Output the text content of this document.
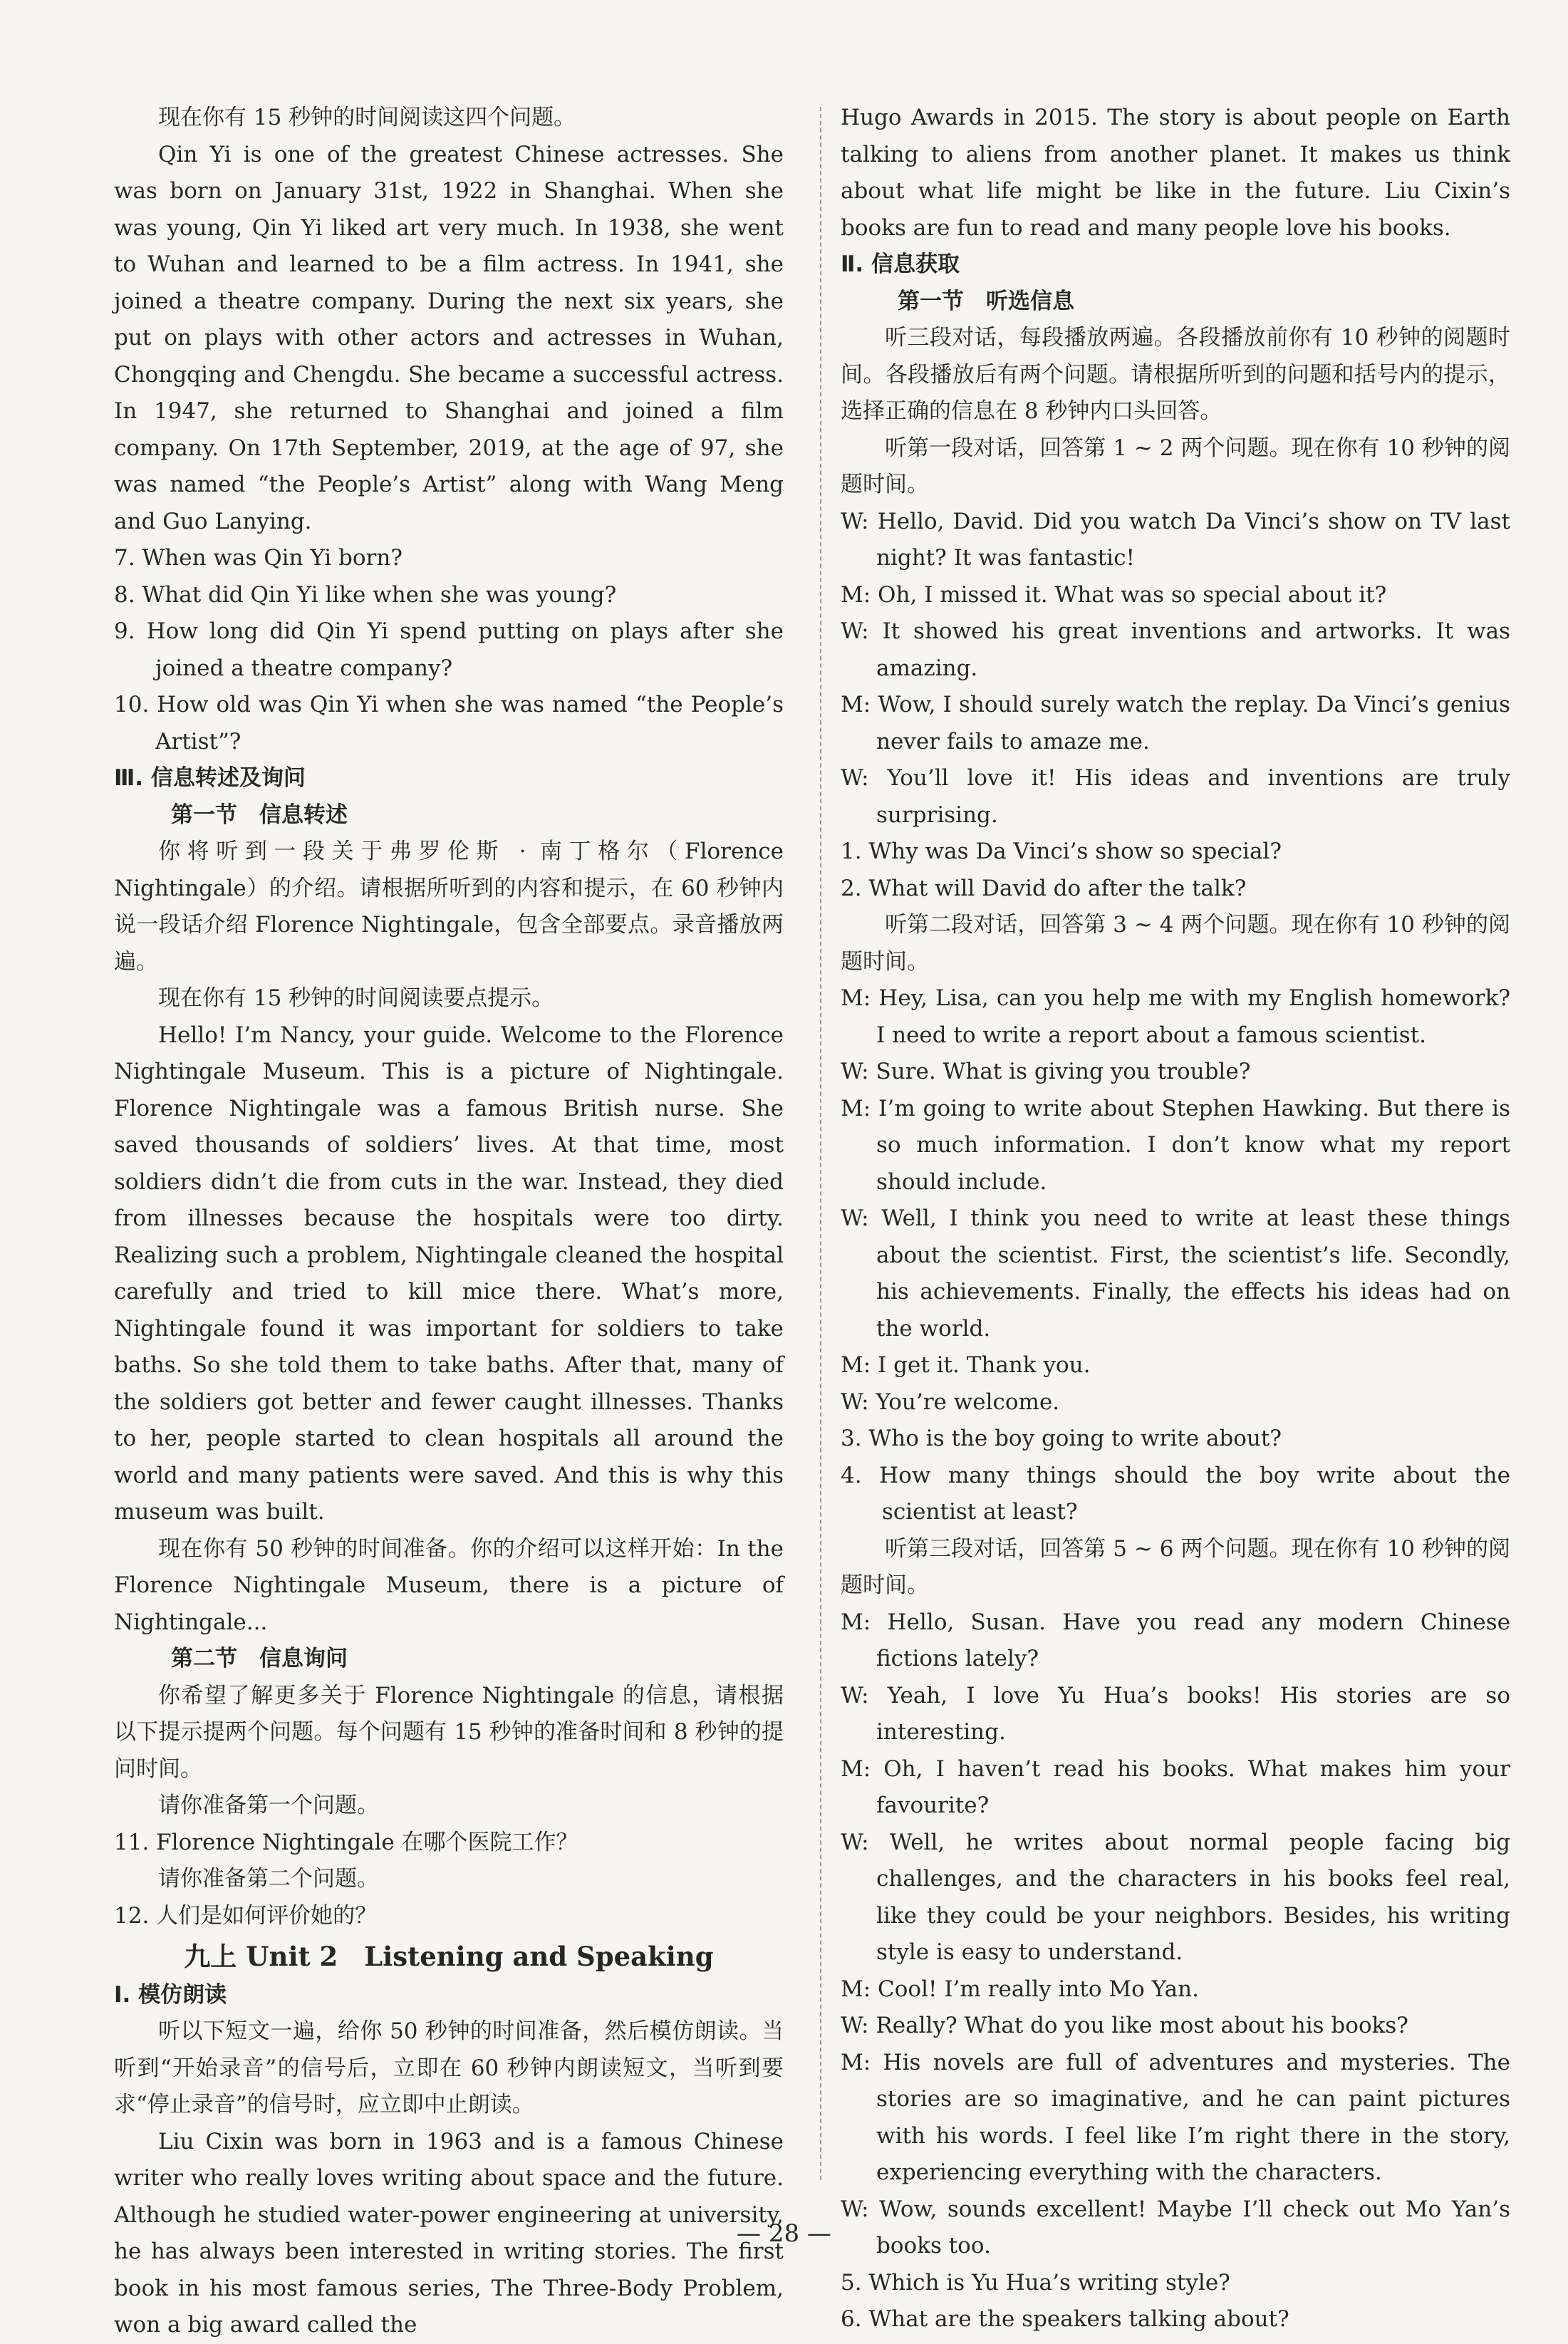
现在你有 15 秒钟的时间阅读这四个问题。

Qin Yi is one of the greatest Chinese actresses. She was born on January 31st, 1922 in Shanghai. When she was young, Qin Yi liked art very much. In 1938, she went to Wuhan and learned to be a film actress. In 1941, she joined a theatre company. During the next six years, she put on plays with other actors and actresses in Wuhan, Chongqing and Chengdu. She became a successful actress. In 1947, she returned to Shanghai and joined a film company. On 17th September, 2019, at the age of 97, she was named “the People’s Artist” along with Wang Meng and Guo Lanying.

7. When was Qin Yi born?

8. What did Qin Yi like when she was young?

9. How long did Qin Yi spend putting on plays after she joined a theatre company?

10. How old was Qin Yi when she was named “the People’s Artist”?

Ⅲ. 信息转述及询问

第一节　信息转述

你将听到一段关于弗罗伦斯 · 南丁格尔（Florence Nightingale）的介绍。请根据所听到的内容和提示，在 60 秒钟内说一段话介绍 Florence Nightingale，包含全部要点。录音播放两遍。

现在你有 15 秒钟的时间阅读要点提示。

Hello! I’m Nancy, your guide. Welcome to the Florence Nightingale Museum. This is a picture of Nightingale. Florence Nightingale was a famous British nurse. She saved thousands of soldiers’ lives. At that time, most soldiers didn’t die from cuts in the war. Instead, they died from illnesses because the hospitals were too dirty. Realizing such a problem, Nightingale cleaned the hospital carefully and tried to kill mice there. What’s more, Nightingale found it was important for soldiers to take baths. So she told them to take baths. After that, many of the soldiers got better and fewer caught illnesses. Thanks to her, people started to clean hospitals all around the world and many patients were saved. And this is why this museum was built.

现在你有 50 秒钟的时间准备。你的介绍可以这样开始：In the Florence Nightingale Museum, there is a picture of Nightingale...

第二节　信息询问

你希望了解更多关于 Florence Nightingale 的信息，请根据以下提示提两个问题。每个问题有 15 秒钟的准备时间和 8 秒钟的提问时间。

请你准备第一个问题。

11. Florence Nightingale 在哪个医院工作？

请你准备第二个问题。

12. 人们是如何评价她的？

九上 Unit 2　Listening and Speaking

Ⅰ. 模仿朗读

听以下短文一遍，给你 50 秒钟的时间准备，然后模仿朗读。当听到“开始录音”的信号后，立即在 60 秒钟内朗读短文，当听到要求“停止录音”的信号时，应立即中止朗读。

Liu Cixin was born in 1963 and is a famous Chinese writer who really loves writing about space and the future. Although he studied water-power engineering at university, he has always been interested in writing stories. The first book in his most famous series, The Three-Body Problem, won a big award called the

Hugo Awards in 2015. The story is about people on Earth talking to aliens from another planet. It makes us think about what life might be like in the future. Liu Cixin’s books are fun to read and many people love his books.

Ⅱ. 信息获取

第一节　听选信息

听三段对话，每段播放两遍。各段播放前你有 10 秒钟的阅题时间。各段播放后有两个问题。请根据所听到的问题和括号内的提示，选择正确的信息在 8 秒钟内口头回答。

听第一段对话，回答第 1 ~ 2 两个问题。现在你有 10 秒钟的阅题时间。

W: Hello, David. Did you watch Da Vinci’s show on TV last night? It was fantastic!

M: Oh, I missed it. What was so special about it?

W: It showed his great inventions and artworks. It was amazing.

M: Wow, I should surely watch the replay. Da Vinci’s genius never fails to amaze me.

W: You’ll love it! His ideas and inventions are truly surprising.

1. Why was Da Vinci’s show so special?

2. What will David do after the talk?

听第二段对话，回答第 3 ~ 4 两个问题。现在你有 10 秒钟的阅题时间。

M: Hey, Lisa, can you help me with my English homework? I need to write a report about a famous scientist.

W: Sure. What is giving you trouble?

M: I’m going to write about Stephen Hawking. But there is so much information. I don’t know what my report should include.

W: Well, I think you need to write at least these things about the scientist. First, the scientist’s life. Secondly, his achievements. Finally, the effects his ideas had on the world.

M: I get it. Thank you.

W: You’re welcome.

3. Who is the boy going to write about?

4. How many things should the boy write about the scientist at least?

听第三段对话，回答第 5 ~ 6 两个问题。现在你有 10 秒钟的阅题时间。

M: Hello, Susan. Have you read any modern Chinese fictions lately?

W: Yeah, I love Yu Hua’s books! His stories are so interesting.

M: Oh, I haven’t read his books. What makes him your favourite?

W: Well, he writes about normal people facing big challenges, and the characters in his books feel real, like they could be your neighbors. Besides, his writing style is easy to understand.

M: Cool! I’m really into Mo Yan.

W: Really? What do you like most about his books?

M: His novels are full of adventures and mysteries. The stories are so imaginative, and he can paint pictures with his words. I feel like I’m right there in the story, experiencing everything with the characters.

W: Wow, sounds excellent! Maybe I’ll check out Mo Yan’s books too.

5. Which is Yu Hua’s writing style?

6. What are the speakers talking about?

— 28 —
